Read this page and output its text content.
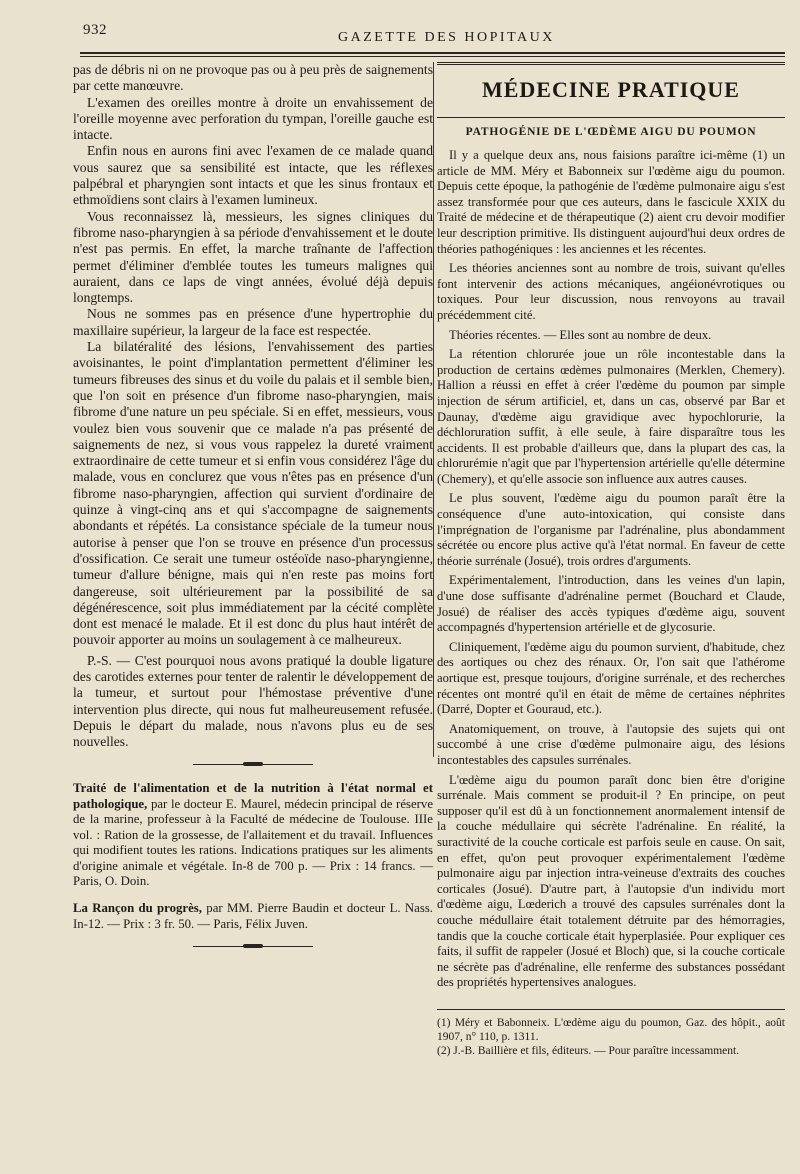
932	GAZETTE DES HOPITAUX

pas de débris ni on ne provoque pas ou à peu près de saignements par cette manœuvre.

L'examen des oreilles montre à droite un envahissement de l'oreille moyenne avec perforation du tympan, l'oreille gauche est intacte.

Enfin nous en aurons fini avec l'examen de ce malade quand vous saurez que sa sensibilité est intacte, que les réflexes palpébral et pharyngien sont intacts et que les sinus frontaux et ethmoïdiens sont clairs à l'examen lumineux.

Vous reconnaissez là, messieurs, les signes cliniques du fibrome naso-pharyngien à sa période d'envahissement et le doute n'est pas permis. En effet, la marche traînante de l'affection permet d'éliminer d'emblée toutes les tumeurs malignes qui auraient, dans ce laps de vingt années, évolué déjà depuis longtemps.

Nous ne sommes pas en présence d'une hypertrophie du maxillaire supérieur, la largeur de la face est respectée.

La bilatéralité des lésions, l'envahissement des parties avoisinantes, le point d'implantation permettent d'éliminer les tumeurs fibreuses des sinus et du voile du palais et il semble bien, que l'on soit en présence d'un fibrome naso-pharyngien, mais fibrome d'une nature un peu spéciale. Si en effet, messieurs, vous voulez bien vous souvenir que ce malade n'a pas présenté de saignements de nez, si vous vous rappelez la dureté vraiment extraordinaire de cette tumeur et si enfin vous considérez l'âge du malade, vous en conclurez que vous n'êtes pas en présence d'un fibrome naso-pharyngien, affection qui survient d'ordinaire de quinze à vingt-cinq ans et qui s'accompagne de saignements abondants et répétés. La consistance spéciale de la tumeur nous autorise à penser que l'on se trouve en présence d'un processus d'ossification. Ce serait une tumeur ostéoïde naso-pharyngienne, tumeur d'allure bénigne, mais qui n'en reste pas moins fort dangereuse, soit ultérieurement par la possibilité de sa dégénérescence, soit plus immédiatement par la cécité complète dont est menacé le malade. Et il est donc du plus haut intérêt de pouvoir apporter au moins un soulagement à ce malheureux.

P.-S. — C'est pourquoi nous avons pratiqué la double ligature des carotides externes pour tenter de ralentir le développement de la tumeur, et surtout pour l'hémostase préventive d'une intervention plus directe, qui nous fut malheureusement refusée. Depuis le départ du malade, nous n'avons plus eu de ses nouvelles.

Traité de l'alimentation et de la nutrition à l'état normal et pathologique, par le docteur E. Maurel, médecin principal de réserve de la marine, professeur à la Faculté de médecine de Toulouse. IIIe vol. : Ration de la grossesse, de l'allaitement et du travail. Influences qui modifient toutes les rations. Indications pratiques sur les aliments d'origine animale et végétale. In-8 de 700 p. — Prix : 14 francs. — Paris, O. Doin.
La Rançon du progrès, par MM. Pierre Baudin et docteur L. Nass. In-12. — Prix : 3 fr. 50. — Paris, Félix Juven.
MÉDECINE PRATIQUE
PATHOGÉNIE DE L'ŒDÈME AIGU DU POUMON

Il y a quelque deux ans, nous faisions paraître ici-même (1) un article de MM. Méry et Babonneix sur l'œdème aigu du poumon. Depuis cette époque, la pathogénie de l'œdème pulmonaire aigu s'est assez transformée pour que ces auteurs, dans le fascicule XXIX du Traité de médecine et de thérapeutique (2) aient cru devoir modifier leur description primitive. Ils distinguent aujourd'hui deux ordres de théories pathogéniques : les anciennes et les récentes.

Les théories anciennes sont au nombre de trois, suivant qu'elles font intervenir des actions mécaniques, angéionévrotiques ou toxiques. Pour leur discussion, nous renvoyons au travail précédemment cité.

Théories récentes. — Elles sont au nombre de deux.

La rétention chlorurée joue un rôle incontestable dans la production de certains œdèmes pulmonaires (Merklen, Chemery). Hallion a réussi en effet à créer l'œdème du poumon par simple injection de sérum artificiel, et, dans un cas, observé par Bar et Daunay, d'œdème aigu gravidique avec hypochlorurie, la déchloruration suffit, à elle seule, à faire disparaître tous les accidents. Il est probable d'ailleurs que, dans la plupart des cas, la chlorurémie n'agit que par l'hypertension artérielle qu'elle détermine (Chemery), et qu'elle associe son influence aux autres causes.

Le plus souvent, l'œdème aigu du poumon paraît être la conséquence d'une auto-intoxication, qui consiste dans l'imprégnation de l'organisme par l'adrénaline, plus abondamment sécrétée ou encore plus active qu'à l'état normal. En faveur de cette théorie surrénale (Josué), trois ordres d'arguments.

Expérimentalement, l'introduction, dans les veines d'un lapin, d'une dose suffisante d'adrénaline permet (Bouchard et Claude, Josué) de réaliser des accès typiques d'œdème aigu, souvent accompagnés d'hypertension artérielle et de glycosurie.

Cliniquement, l'œdème aigu du poumon survient, d'habitude, chez des aortiques ou chez des rénaux. Or, l'on sait que l'athérome aortique est, presque toujours, d'origine surrénale, et des recherches récentes ont montré qu'il en était de même de certaines néphrites (Darré, Dopter et Gouraud, etc.).

Anatomiquement, on trouve, à l'autopsie des sujets qui ont succombé à une crise d'œdème pulmonaire aigu, des lésions incontestables des capsules surrénales.

L'œdème aigu du poumon paraît donc bien être d'origine surrénale. Mais comment se produit-il ? En principe, on peut supposer qu'il est dû à un fonctionnement anormalement intensif de la couche médullaire qui sécrète l'adrénaline. En réalité, la suractivité de la couche corticale est parfois seule en cause. On sait, en effet, qu'on peut provoquer expérimentalement l'œdème pulmonaire aigu par injection intra-veineuse d'extraits des couches corticales (Josué). D'autre part, à l'autopsie d'un individu mort d'œdème aigu, Lœderich a trouvé des capsules surrénales dont la couche médullaire était totalement détruite par des hémorragies, tandis que la couche corticale était hyperplasiée. Pour expliquer ces faits, il suffit de rappeler (Josué et Bloch) que, si la couche corticale ne sécrète pas d'adrénaline, elle renferme des substances possédant des propriétés hypertensives analogues.

(1) Méry et Babonneix. L'œdème aigu du poumon, Gaz. des hôpit., août 1907, n° 110, p. 1311.
(2) J.-B. Baillière et fils, éditeurs. — Pour paraître incessamment.
